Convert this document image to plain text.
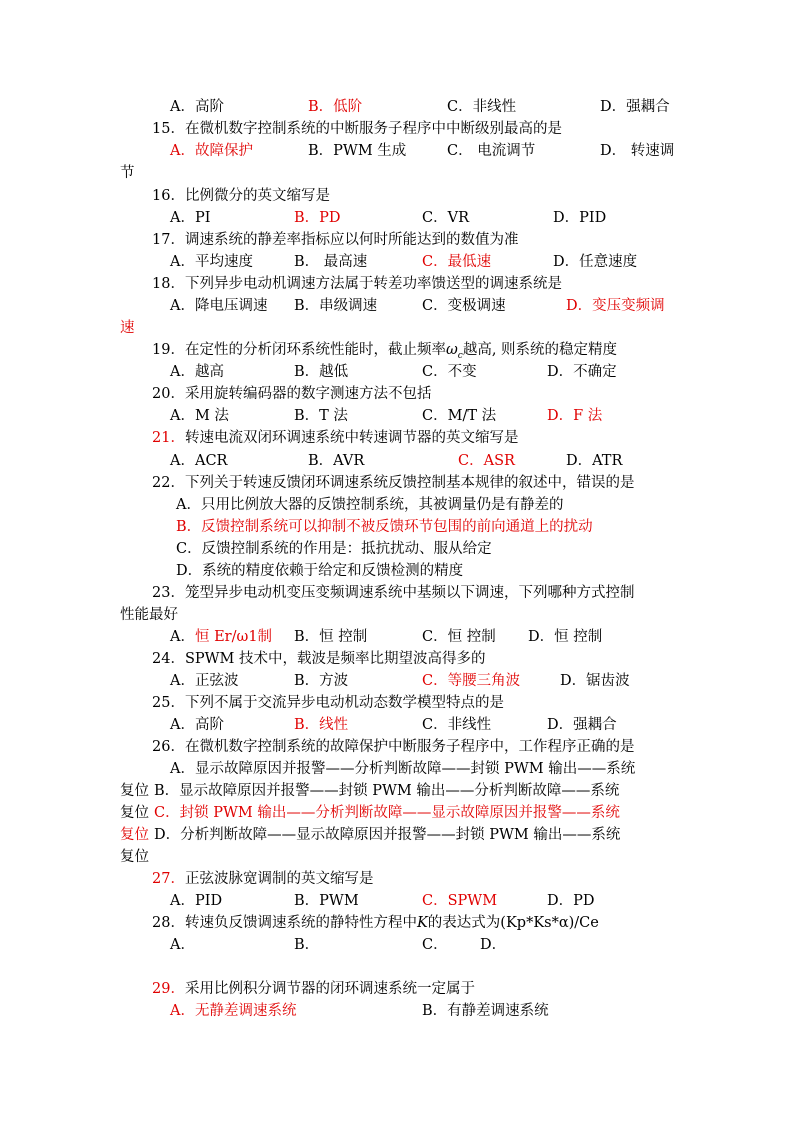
A．高阶	B．低阶	C．非线性	D．强耦合
15．在微机数字控制系统的中断服务子程序中中断级别最高的是
A．故障保护	B．PWM 生成	C． 电流调节	D． 转速调
节
16．比例微分的英文缩写是
A．PI	B．PD	C．VR	D．PID
17．调速系统的静差率指标应以何时所能达到的数值为准
A．平均速度	B． 最高速	C．最低速	D．任意速度
18．下列异步电动机调速方法属于转差功率馈送型的调速系统是
A．降电压调速 B．串级调速	C．变极调速	D．变压变频调
速
19．在定性的分析闭环系统性能时，截止频率$\omega_c$越高, 则系统的稳定精度
A．越高	B．越低	C．不变	D．不确定
20．采用旋转编码器的数字测速方法不包括
A．M 法	B．T 法	C．M/T 法	D．F 法
21．转速电流双闭环调速系统中转速调节器的英文缩写是
A．ACR	B．AVR	C．ASR	D．ATR
22．下列关于转速反馈闭环调速系统反馈控制基本规律的叙述中，错误的是
A．只用比例放大器的反馈控制系统，其被调量仍是有静差的
B．反馈控制系统可以抑制不被反馈环节包围的前向通道上的扰动
C．反馈控制系统的作用是：抵抗扰动、服从给定
D．系统的精度依赖于给定和反馈检测的精度
23．笼型异步电动机变压变频调速系统中基频以下调速，下列哪种方式控制
性能最好
A．恒 Er/ω1制 B．恒 控制	C．恒 控制 D．恒 控制
24．SPWM 技术中，载波是频率比期望波高得多的
A．正弦波	B．方波	C．等腰三角波	D．锯齿波
25．下列不属于交流异步电动机动态数学模型特点的是
A．高阶	B．线性	C．非线性	D．强耦合
26．在微机数字控制系统的故障保护中断服务子程序中，工作程序正确的是
A．显示故障原因并报警——分析判断故障——封锁 PWM 输出——系统
复位 B．显示故障原因并报警——封锁 PWM 输出——分析判断故障——系统
复位 C．封锁 PWM 输出——分析判断故障——显示故障原因并报警——系统
复位 D．分析判断故障——显示故障原因并报警——封锁 PWM 输出——系统
复位
27．正弦波脉宽调制的英文缩写是
A．PID	B．PWM	C．SPWM	D．PD
28．转速负反馈调速系统的静特性方程中K的表达式为(Kp*Ks*α)/Ce
A．	B．	C． D．
29．采用比例积分调节器的闭环调速系统一定属于
A．无静差调速系统	B．有静差调速系统
